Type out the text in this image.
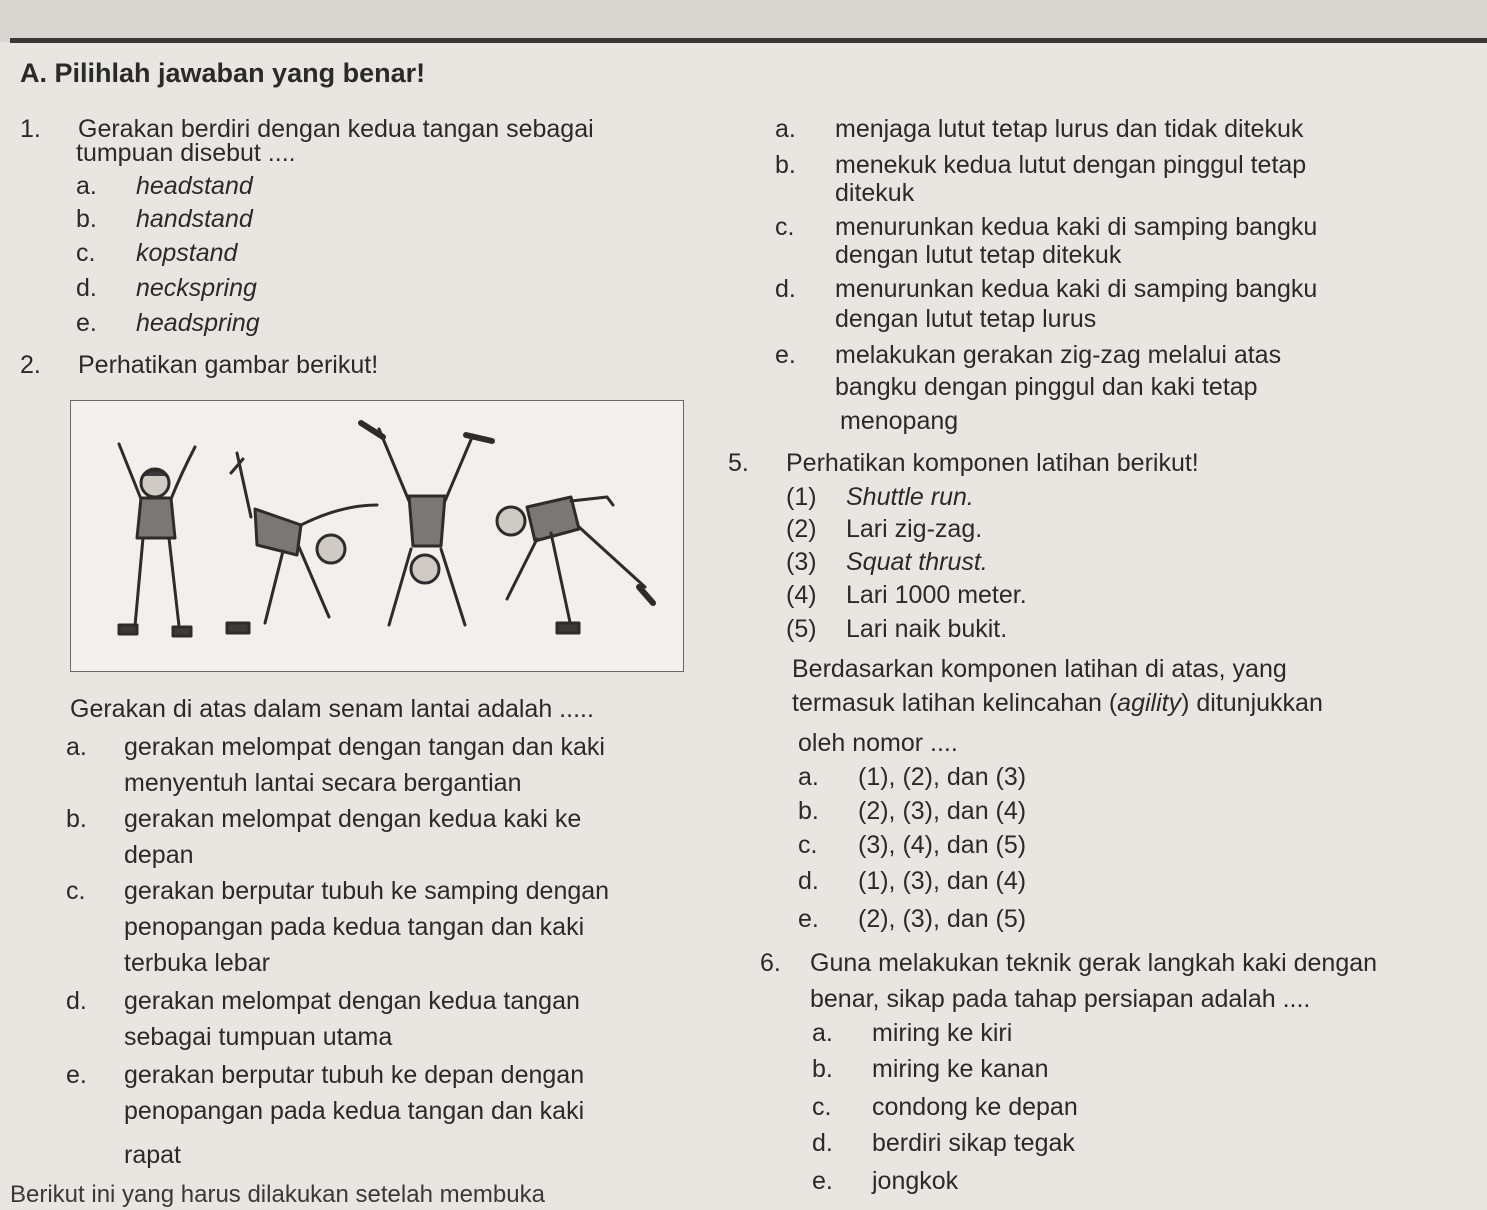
A. Pilihlah jawaban yang benar!
1. Gerakan berdiri dengan kedua tangan sebagai
tumpuan disebut ....
a. headstand
b. handstand
c. kopstand
d. neckspring
e. headspring
2. Perhatikan gambar berikut!
Gerakan di atas dalam senam lantai adalah .....
a. gerakan melompat dengan tangan dan kaki
menyentuh lantai secara bergantian
b. gerakan melompat dengan kedua kaki ke
depan
c. gerakan berputar tubuh ke samping dengan
penopangan pada kedua tangan dan kaki
terbuka lebar
d. gerakan melompat dengan kedua tangan
sebagai tumpuan utama
e. gerakan berputar tubuh ke depan dengan
penopangan pada kedua tangan dan kaki
rapat
Berikut ini yang harus dilakukan setelah membuka
a. menjaga lutut tetap lurus dan tidak ditekuk
b. menekuk kedua lutut dengan pinggul tetap
ditekuk
c. menurunkan kedua kaki di samping bangku
dengan lutut tetap ditekuk
d. menurunkan kedua kaki di samping bangku
dengan lutut tetap lurus
e. melakukan gerakan zig-zag melalui atas
bangku dengan pinggul dan kaki tetap
menopang
5. Perhatikan komponen latihan berikut!
(1) Shuttle run.
(2) Lari zig-zag.
(3) Squat thrust.
(4) Lari 1000 meter.
(5) Lari naik bukit.
Berdasarkan komponen latihan di atas, yang
termasuk latihan kelincahan (agility) ditunjukkan
oleh nomor ....
a. (1), (2), dan (3)
b. (2), (3), dan (4)
c. (3), (4), dan (5)
d. (1), (3), dan (4)
e. (2), (3), dan (5)
6. Guna melakukan teknik gerak langkah kaki dengan
benar, sikap pada tahap persiapan adalah ....
a. miring ke kiri
b. miring ke kanan
c. condong ke depan
d. berdiri sikap tegak
e. jongkok
